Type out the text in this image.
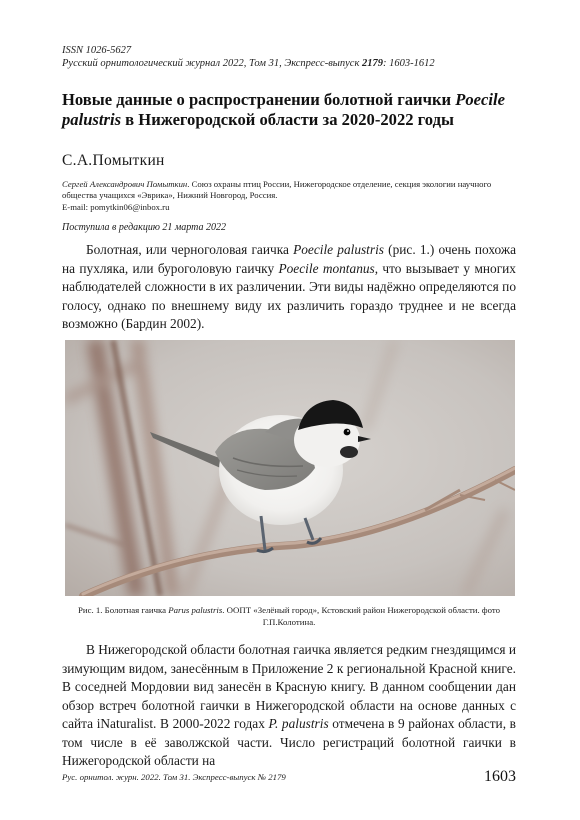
ISSN 1026-5627
Русский орнитологический журнал 2022, Том 31, Экспресс-выпуск 2179: 1603-1612
Новые данные о распространении болотной гаички Poecile palustris в Нижегородской области за 2020-2022 годы
С.А.Помыткин
Сергей Александрович Помыткин. Союз охраны птиц России, Нижегородское отделение, секция экологии научного общества учащихся «Эврика», Нижний Новгород, Россия.
E-mail: pomytkin06@inbox.ru
Поступила в редакцию 21 марта 2022

Болотная, или черноголовая гаичка Poecile palustris (рис. 1.) очень похожа на пухляка, или буроголовую гаичку Poecile montanus, что вызывает у многих наблюдателей сложности в их различении. Эти виды надёжно определяются по голосу, однако по внешнему виду их различить гораздо труднее и не всегда возможно (Бардин 2002).

Рис. 1. Болотная гаичка Parus palustris. ООПТ «Зелёный город», Кстовский район Нижегородской области. фото Г.П.Колотина.

В Нижегородской области болотная гаичка является редким гнездящимся и зимующим видом, занесённым в Приложение 2 к региональной Красной книге. В соседней Мордовии вид занесён в Красную книгу. В данном сообщении дан обзор встреч болотной гаички в Нижегородской области на основе данных с сайта iNaturalist. В 2000-2022 годах P. palustris отмечена в 9 районах области, в том числе в её заволжской части. Число регистраций болотной гаички в Нижегородской области на

Рус. орнитол. журн. 2022. Том 31. Экспресс-выпуск № 2179	1603
